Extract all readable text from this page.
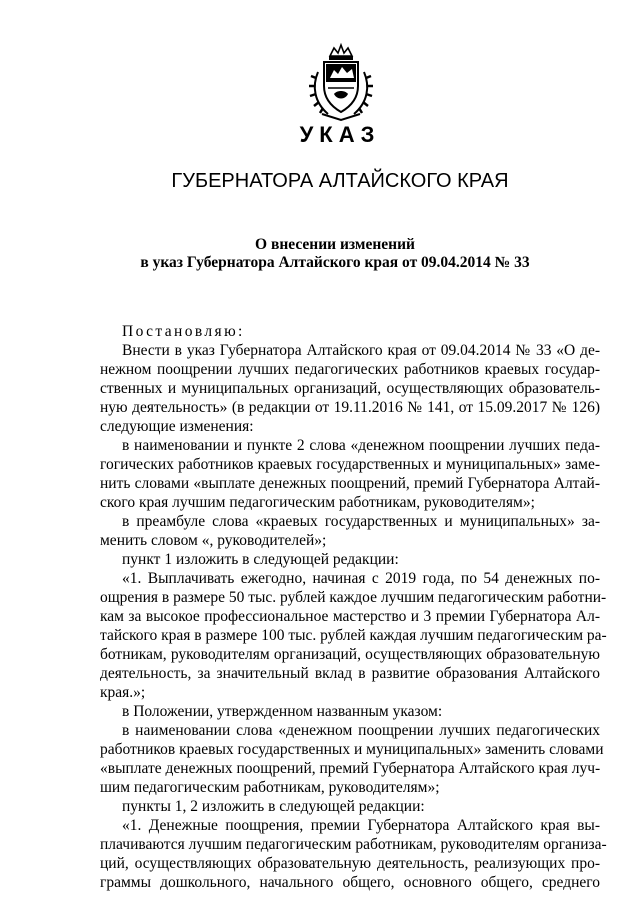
УКАЗ
ГУБЕРНАТОРА АЛТАЙСКОГО КРАЯ
О внесении изменений
в указ Губернатора Алтайского края от 09.04.2014 № 33
Постановляю:
Внести в указ Губернатора Алтайского края от 09.04.2014 № 33 «О де-
нежном поощрении лучших педагогических работников краевых государ-
ственных и муниципальных организаций, осуществляющих образователь-
ную деятельность» (в редакции от 19.11.2016 № 141, от 15.09.2017 № 126)
следующие изменения:
в наименовании и пункте 2 слова «денежном поощрении лучших педа-
гогических работников краевых государственных и муниципальных» заме-
нить словами «выплате денежных поощрений, премий Губернатора Алтай-
ского края лучшим педагогическим работникам, руководителям»;
в преамбуле слова «краевых государственных и муниципальных» за-
менить словом «, руководителей»;
пункт 1 изложить в следующей редакции:
«1. Выплачивать ежегодно, начиная с 2019 года, по 54 денежных по-
ощрения в размере 50 тыс. рублей каждое лучшим педагогическим работни-
кам за высокое профессиональное мастерство и 3 премии Губернатора Ал-
тайского края в размере 100 тыс. рублей каждая лучшим педагогическим ра-
ботникам, руководителям организаций, осуществляющих образовательную
деятельность, за значительный вклад в развитие образования Алтайского
края.»;
в Положении, утвержденном названным указом:
в наименовании слова «денежном поощрении лучших педагогических
работников краевых государственных и муниципальных» заменить словами
«выплате денежных поощрений, премий Губернатора Алтайского края луч-
шим педагогическим работникам, руководителям»;
пункты 1, 2 изложить в следующей редакции:
«1. Денежные поощрения, премии Губернатора Алтайского края вы-
плачиваются лучшим педагогическим работникам, руководителям организа-
ций, осуществляющих образовательную деятельность, реализующих про-
граммы дошкольного, начального общего, основного общего, среднего
